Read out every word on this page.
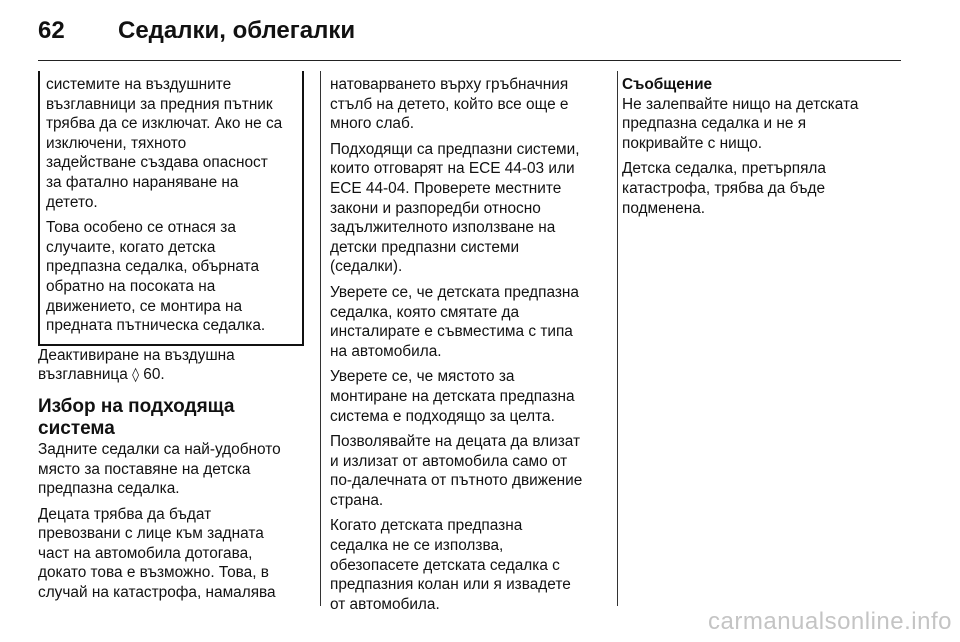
62	Седалки, облегалки

системите на въздушните
възглавници за предния пътник
трябва да се изключат. Ако не са
изключени, тяхното
задействане създава опасност
за фатално нараняване на
детето.

Това особено се отнася за
случаите, когато детска
предпазна седалка, обърната
обратно на посоката на
движението, се монтира на
предната пътническа седалка.

Деактивиране на въздушна
възглавница ◊ 60.

Избор на подходяща система

Задните седалки са най-удобното
място за поставяне на детска
предпазна седалка.

Децата трябва да бъдат
превозвани с лице към задната
част на автомобила дотогава,
докато това е възможно. Това, в
случай на катастрофа, намалява

натоварването върху гръбначния
стълб на детето, който все още е
много слаб.

Подходящи са предпазни системи,
които отговарят на ECE 44-03 или
ECE 44-04. Проверете местните
закони и разпоредби относно
задължителното използване на
детски предпазни системи
(седалки).

Уверете се, че детската предпазна
седалка, която смятате да
инсталирате е съвместима с типа
на автомобила.

Уверете се, че мястото за
монтиране на детската предпазна
система е подходящо за целта.

Позволявайте на децата да влизат
и излизат от автомобила само от
по-далечната от пътното движение
страна.

Когато детската предпазна
седалка не се използва,
обезопасете детската седалка с
предпазния колан или я извадете
от автомобила.

Съобщение

Не залепвайте нищо на детската
предпазна седалка и не я
покривайте с нищо.

Детска седалка, претърпяла
катастрофа, трябва да бъде
подменена.

carmanualsonline.info
